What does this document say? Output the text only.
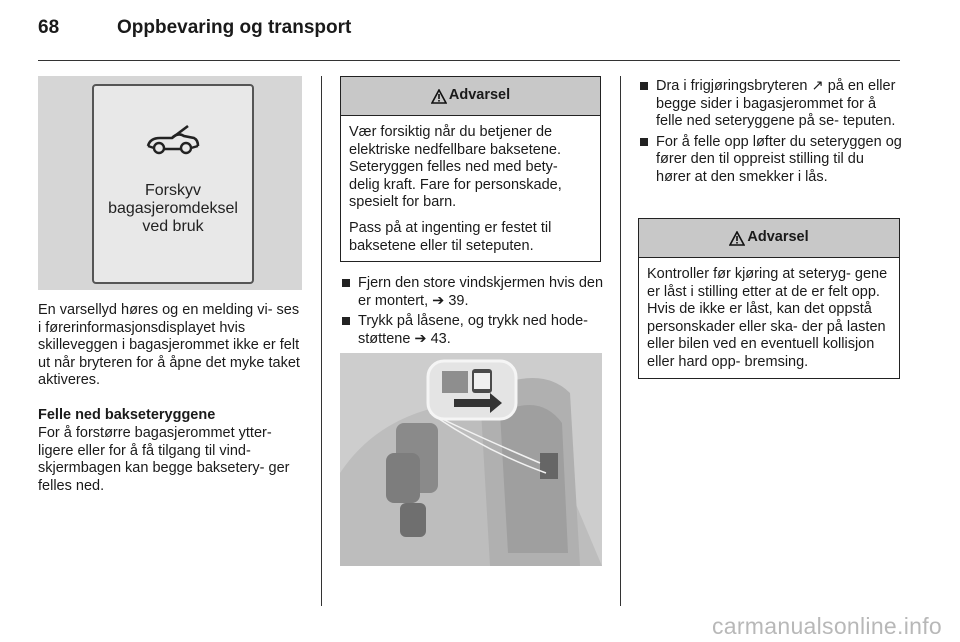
68	Oppbevaring og transport
Forskyv
bagasjeromdeksel
ved bruk
En varsellyd høres og en melding vi- ses i førerinformasjonsdisplayet hvis skilleveggen i bagasjerommet ikke er felt ut når bryteren for å åpne det myke taket aktiveres.
Felle ned bakseteryggene
For å forstørre bagasjerommet ytter- ligere eller for å få tilgang til vind- skjermbagen kan begge baksetery- ger felles ned.
Advarsel

Vær forsiktig når du betjener de elektriske nedfellbare baksetene. Seteryggen felles ned med bety- delig kraft. Fare for personskade, spesielt for barn.

Pass på at ingenting er festet til baksetene eller til seteputen.

Fjern den store vindskjermen hvis den er montert, ➔ 39.
Trykk på låsene, og trykk ned hode- støttene ➔ 43.
Dra i frigjøringsbryteren ↗ på en eller begge sider i bagasjerommet for å felle ned seteryggene på se- teputen.
For å felle opp løfter du seteryggen og fører den til oppreist stilling til du hører at den smekker i lås.
Advarsel

Kontroller før kjøring at seteryg- gene er låst i stilling etter at de er felt opp. Hvis de ikke er låst, kan det oppstå personskader eller ska- der på lasten eller bilen ved en eventuell kollisjon eller hard opp- bremsing.

carmanualsonline.info
